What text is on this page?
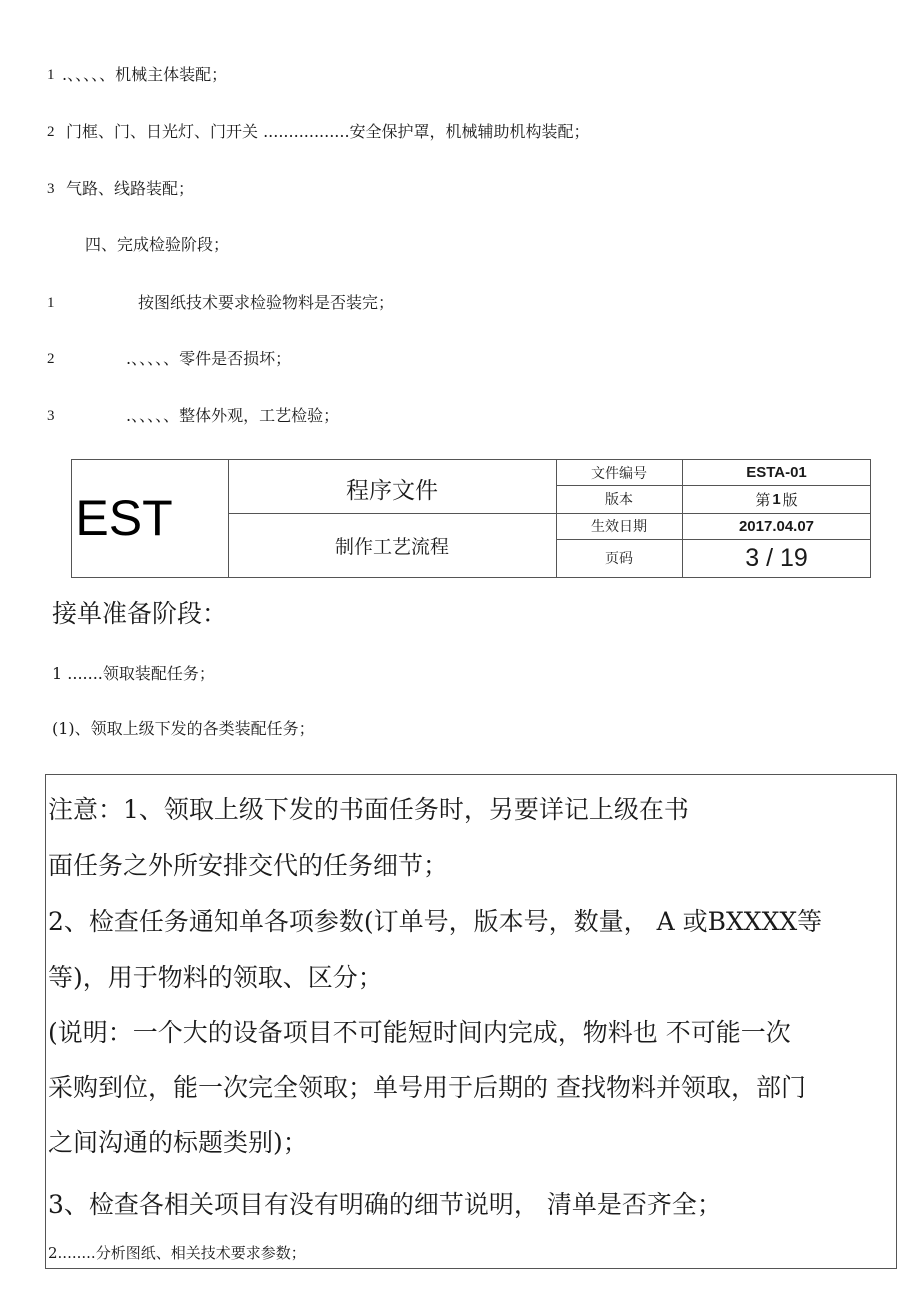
1 .、、、、、机械主体装配；
2 门框、门、日光灯、门开关 .................安全保护罩，机械辅助机构装配；
3 气路、线路装配；
四、完成检验阶段；
1	按图纸技术要求检验物料是否装完；
2	.、、、、、零件是否损坏；
3	.、、、、、整体外观，工艺检验；
EST	程序文件
制作工艺流程
文件编号	ESTA-01
版本	第 1 版
生效日期	2017.04.07
页码	3 / 19
接单准备阶段：
1 .......领取装配任务；
(1)、领取上级下发的各类装配任务；
注意：1、领取上级下发的书面任务时，另要详记上级在书
面任务之外所安排交代的任务细节；
2、检查任务通知单各项参数(订单号，版本号，数量， A 或BXXXX等
等)，用于物料的领取、区分；
(说明：一个大的设备项目不可能短时间内完成，物料也 不可能一次
采购到位，能一次完全领取；单号用于后期的 查找物料并领取，部门
之间沟通的标题类别)；
3、检查各相关项目有没有明确的细节说明， 清单是否齐全；
2........分析图纸、相关技术要求参数；
